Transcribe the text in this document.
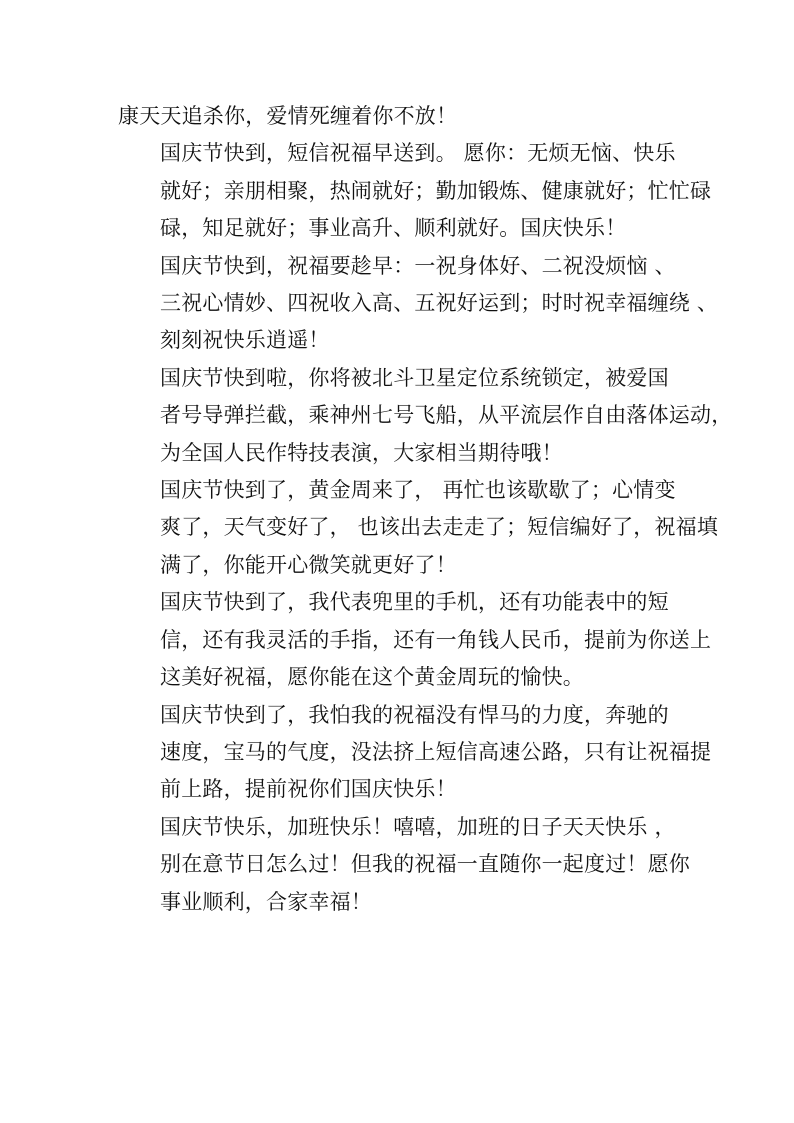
康天天追杀你，爱情死缠着你不放！

国庆节快到，短信祝福早送到。 愿你：无烦无恼、快乐
就好；亲朋相聚，热闹就好；勤加锻炼、健康就好；忙忙碌
碌，知足就好；事业高升、顺利就好。国庆快乐！

国庆节快到，祝福要趁早：一祝身体好、二祝没烦恼 、
三祝心情妙、四祝收入高、五祝好运到；时时祝幸福缠绕 、
刻刻祝快乐逍遥！

国庆节快到啦，你将被北斗卫星定位系统锁定，被爱国
者号导弹拦截，乘神州七号飞船，从平流层作自由落体运动，
为全国人民作特技表演，大家相当期待哦！

国庆节快到了，黄金周来了， 再忙也该歇歇了；心情变
爽了，天气变好了， 也该出去走走了；短信编好了，祝福填
满了，你能开心微笑就更好了！

国庆节快到了，我代表兜里的手机，还有功能表中的短
信，还有我灵活的手指，还有一角钱人民币，提前为你送上
这美好祝福，愿你能在这个黄金周玩的愉快。

国庆节快到了，我怕我的祝福没有悍马的力度，奔驰的
速度，宝马的气度，没法挤上短信高速公路，只有让祝福提
前上路，提前祝你们国庆快乐！

国庆节快乐，加班快乐！嘻嘻，加班的日子天天快乐 ，
别在意节日怎么过！但我的祝福一直随你一起度过！愿你
事业顺利，合家幸福！
